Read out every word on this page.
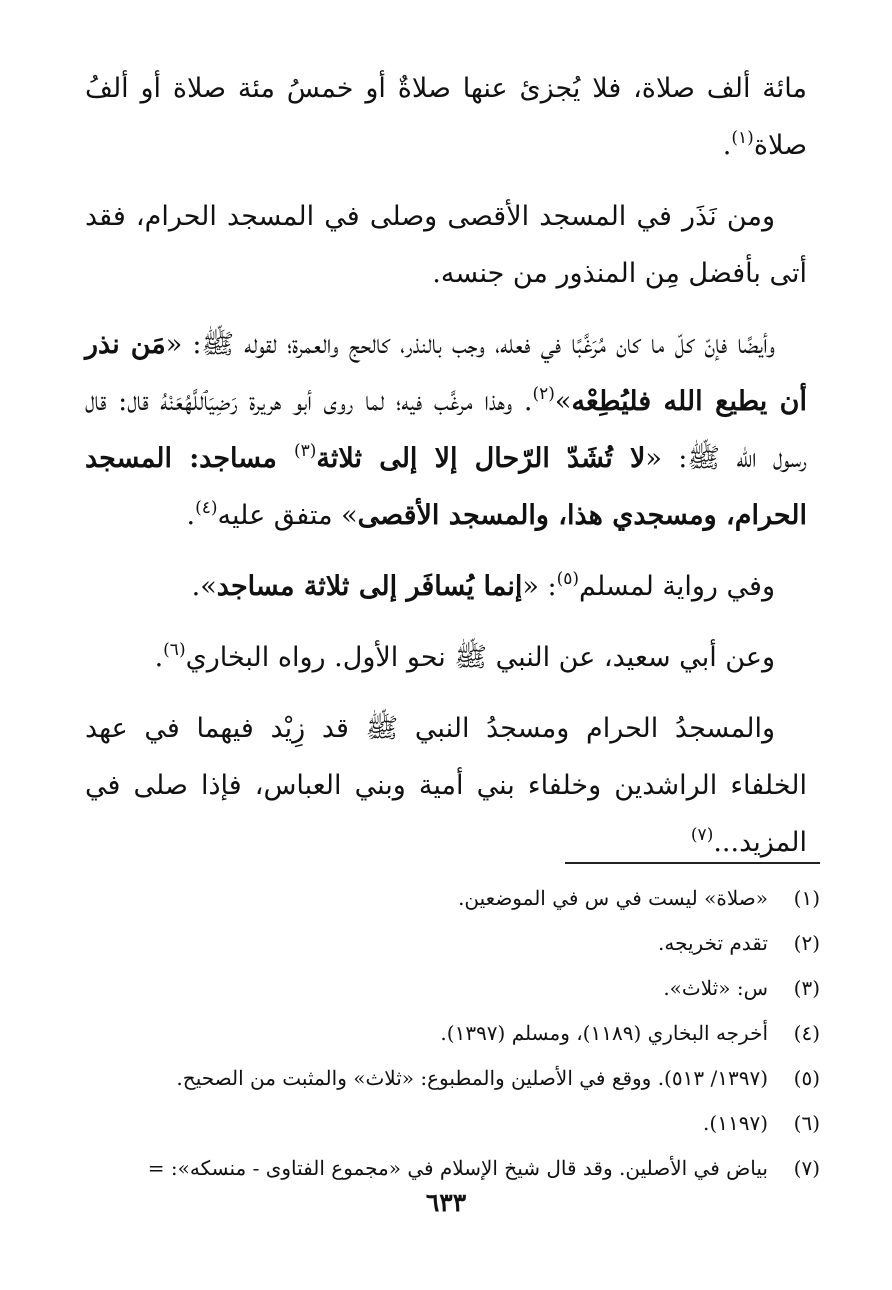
مائة ألف صلاة، فلا يُجزئ عنها صلاةٌ أو خمسُ مئة صلاة أو ألفُ صلاة$^{(١)}$.

ومن نَذَر في المسجد الأقصى وصلى في المسجد الحرام، فقد أتى بأفضل مِن المنذور من جنسه.

وأيضًا فإنّ كلّ ما كان مُرَغَّبًا في فعله، وجب بالنذر، كالحج والعمرة؛ لقوله ﷺ: «مَن نذر أن يطيع الله فليُطِعْه»$^{(٢)}$. وهذا مرغَّب فيه؛ لما روى أبو هريرة رَضِيَٱللَّهُعَنْهُ قال: قال رسول الله ﷺ: «لا تُشَدّ الرّحال إلا إلى ثلاثة$^{(٣)}$ مساجد: المسجد الحرام، ومسجدي هذا، والمسجد الأقصى» متفق عليه$^{(٤)}$.

وفي رواية لمسلم$^{(٥)}$: «إنما يُسافَر إلى ثلاثة مساجد».

وعن أبي سعيد، عن النبي ﷺ نحو الأول. رواه البخاري$^{(٦)}$.

والمسجدُ الحرام ومسجدُ النبي ﷺ قد زِيْد فيهما في عهد الخلفاء الراشدين وخلفاء بني أمية وبني العباس، فإذا صلى في المزيد...$^{(٧)}$

(١)
«صلاة» ليست في س في الموضعين.
(٢)
تقدم تخريجه.
(٣)
س: «ثلاث».
(٤)
أخرجه البخاري (١١٨٩)، ومسلم (١٣٩٧).
(٥)
(١٣٩٧/ ٥١٣). ووقع في الأصلين والمطبوع: «ثلاث» والمثبت من الصحيح.
(٦)
(١١٩٧).
(٧)
بياض في الأصلين. وقد قال شيخ الإسلام في «مجموع الفتاوى - منسكه»: =
٦٣٣
